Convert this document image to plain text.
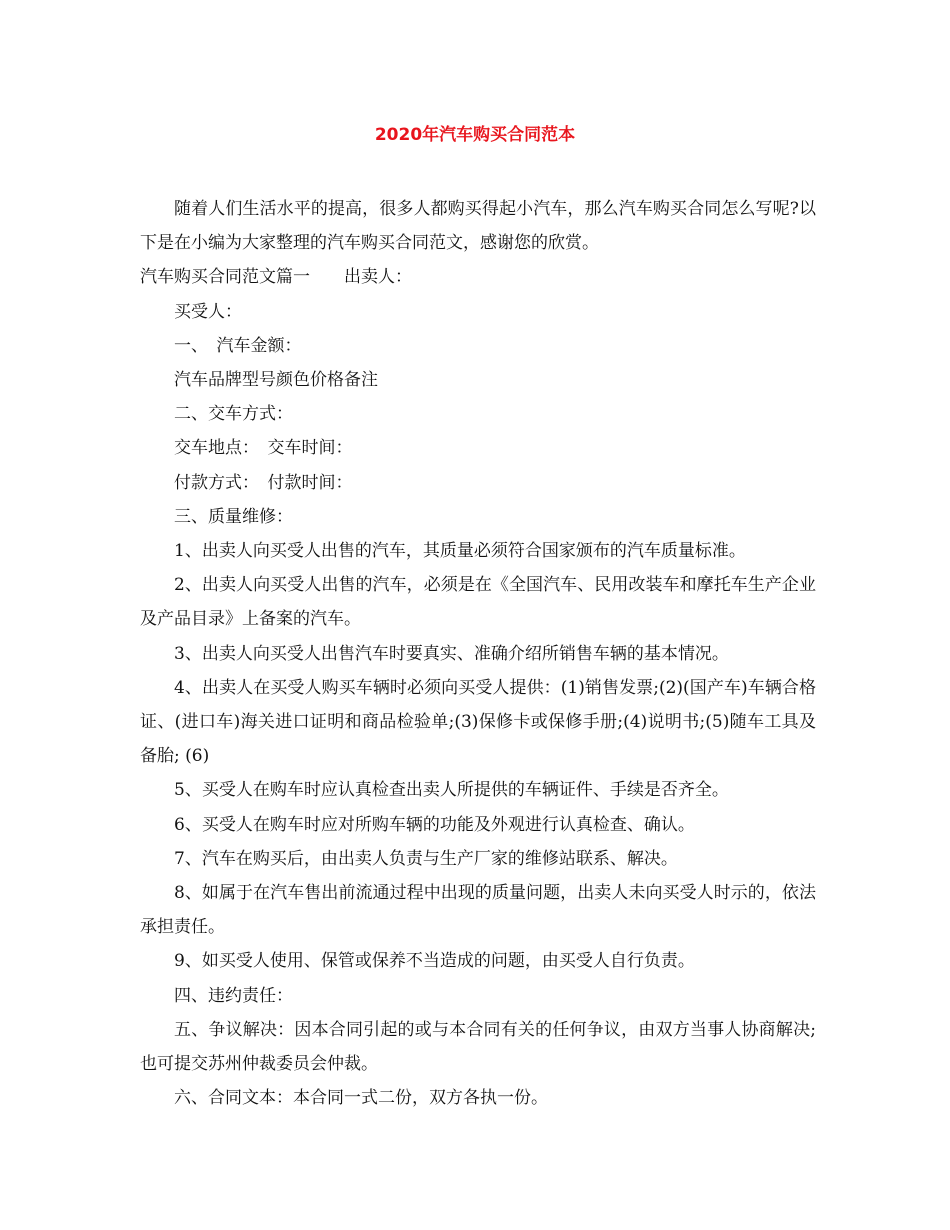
2020年汽车购买合同范本

随着人们生活水平的提高，很多人都购买得起小汽车，那么汽车购买合同怎么写呢?以下是在小编为大家整理的汽车购买合同范文，感谢您的欣赏。

汽车购买合同范文篇一　　出卖人：

买受人：

一、　汽车金额：

汽车品牌型号颜色价格备注

二、交车方式：

交车地点：　交车时间：

付款方式：　付款时间：

三、质量维修：

1、出卖人向买受人出售的汽车，其质量必须符合国家颁布的汽车质量标准。

2、出卖人向买受人出售的汽车，必须是在《全国汽车、民用改装车和摩托车生产企业及产品目录》上备案的汽车。

3、出卖人向买受人出售汽车时要真实、准确介绍所销售车辆的基本情况。

4、出卖人在买受人购买车辆时必须向买受人提供：(1)销售发票;(2)(国产车)车辆合格证、(进口车)海关进口证明和商品检验单;(3)保修卡或保修手册;(4)说明书;(5)随车工具及备胎; (6)

5、买受人在购车时应认真检查出卖人所提供的车辆证件、手续是否齐全。

6、买受人在购车时应对所购车辆的功能及外观进行认真检查、确认。

7、汽车在购买后，由出卖人负责与生产厂家的维修站联系、解决。

8、如属于在汽车售出前流通过程中出现的质量问题，出卖人未向买受人时示的，依法承担责任。

9、如买受人使用、保管或保养不当造成的问题，由买受人自行负责。

四、违约责任：

五、争议解决：因本合同引起的或与本合同有关的任何争议，由双方当事人协商解决;也可提交苏州仲裁委员会仲裁。

六、合同文本：本合同一式二份，双方各执一份。
